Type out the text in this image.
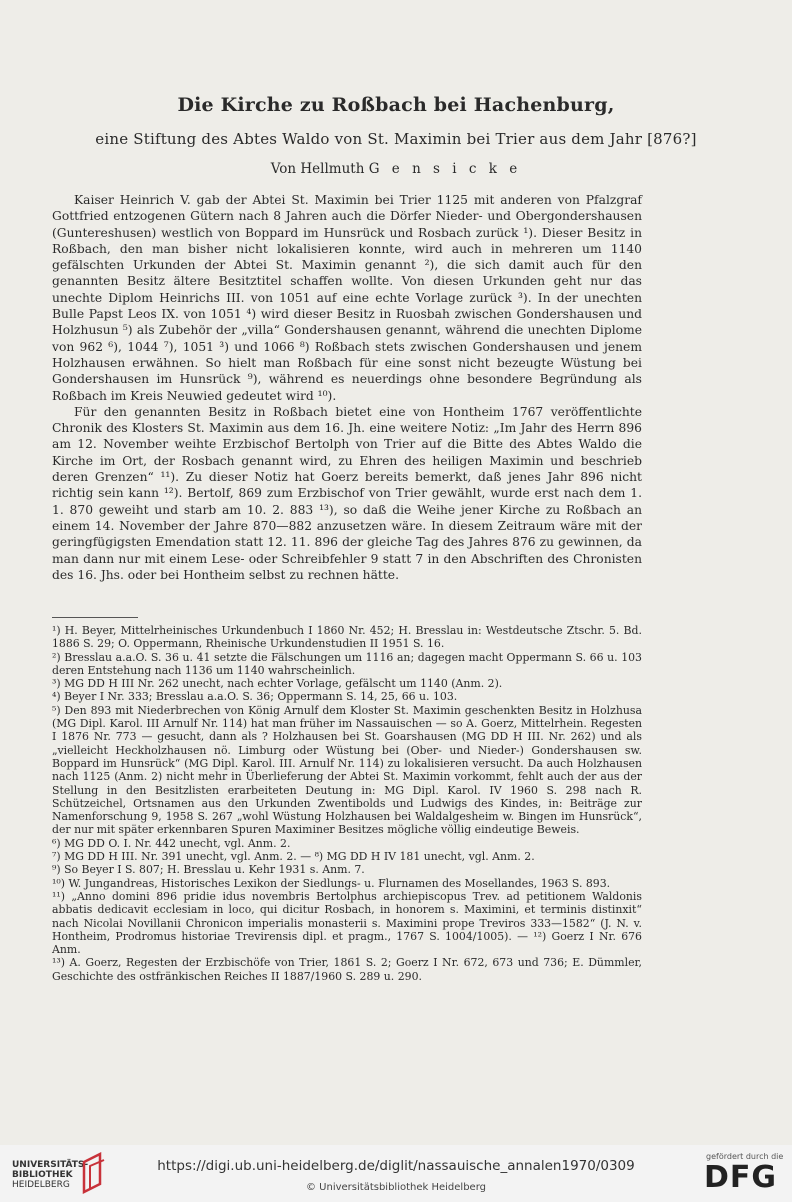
Die Kirche zu Roßbach bei Hachenburg,
eine Stiftung des Abtes Waldo von St. Maximin bei Trier aus dem Jahr [876?]
Von Hellmuth G e n s i c k e

Kaiser Heinrich V. gab der Abtei St. Maximin bei Trier 1125 mit anderen von Pfalzgraf Gottfried entzogenen Gütern nach 8 Jahren auch die Dörfer Nieder- und Obergondershausen (Guntereshusen) westlich von Boppard im Hunsrück und Rosbach zurück ¹). Dieser Besitz in Roßbach, den man bisher nicht lokalisieren konnte, wird auch in mehreren um 1140 gefälschten Urkunden der Abtei St. Maximin genannt ²), die sich damit auch für den genannten Besitz ältere Besitztitel schaffen wollte. Von diesen Urkunden geht nur das unechte Diplom Heinrichs III. von 1051 auf eine echte Vorlage zurück ³). In der unechten Bulle Papst Leos IX. von 1051 ⁴) wird dieser Besitz in Ruosbah zwischen Gondershausen und Holzhusun ⁵) als Zubehör der „villa“ Gondershausen genannt, während die unechten Diplome von 962 ⁶), 1044 ⁷), 1051 ³) und 1066 ⁸) Roßbach stets zwischen Gondershausen und jenem Holzhausen erwähnen. So hielt man Roßbach für eine sonst nicht bezeugte Wüstung bei Gondershausen im Hunsrück ⁹), während es neuerdings ohne besondere Begründung als Roßbach im Kreis Neuwied gedeutet wird ¹⁰).

Für den genannten Besitz in Roßbach bietet eine von Hontheim 1767 veröffentlichte Chronik des Klosters St. Maximin aus dem 16. Jh. eine weitere Notiz: „Im Jahr des Herrn 896 am 12. November weihte Erzbischof Bertolph von Trier auf die Bitte des Abtes Waldo die Kirche im Ort, der Rosbach genannt wird, zu Ehren des heiligen Maximin und beschrieb deren Grenzen“ ¹¹). Zu dieser Notiz hat Goerz bereits bemerkt, daß jenes Jahr 896 nicht richtig sein kann ¹²). Bertolf, 869 zum Erzbischof von Trier gewählt, wurde erst nach dem 1. 1. 870 geweiht und starb am 10. 2. 883 ¹³), so daß die Weihe jener Kirche zu Roßbach an einem 14. November der Jahre 870—882 anzusetzen wäre. In diesem Zeitraum wäre mit der geringfügigsten Emendation statt 12. 11. 896 der gleiche Tag des Jahres 876 zu gewinnen, da man dann nur mit einem Lese- oder Schreibfehler 9 statt 7 in den Abschriften des Chronisten des 16. Jhs. oder bei Hontheim selbst zu rechnen hätte.

¹) H. Beyer, Mittelrheinisches Urkundenbuch I 1860 Nr. 452; H. Bresslau in: Westdeutsche Ztschr. 5. Bd. 1886 S. 29; O. Oppermann, Rheinische Urkundenstudien II 1951 S. 16.

²) Bresslau a.a.O. S. 36 u. 41 setzte die Fälschungen um 1116 an; dagegen macht Oppermann S. 66 u. 103 deren Entstehung nach 1136 um 1140 wahrscheinlich.

³) MG DD H III Nr. 262 unecht, nach echter Vorlage, gefälscht um 1140 (Anm. 2).

⁴) Beyer I Nr. 333; Bresslau a.a.O. S. 36; Oppermann S. 14, 25, 66 u. 103.

⁵) Den 893 mit Niederbrechen von König Arnulf dem Kloster St. Maximin geschenkten Besitz in Holzhusa (MG Dipl. Karol. III Arnulf Nr. 114) hat man früher im Nassauischen — so A. Goerz, Mittelrhein. Regesten I 1876 Nr. 773 — gesucht, dann als ? Holzhausen bei St. Goarshausen (MG DD H III. Nr. 262) und als „vielleicht Heckholzhausen nö. Limburg oder Wüstung bei (Ober- und Nieder-) Gondershausen sw. Boppard im Hunsrück“ (MG Dipl. Karol. III. Arnulf Nr. 114) zu lokalisieren versucht. Da auch Holzhausen nach 1125 (Anm. 2) nicht mehr in Überlieferung der Abtei St. Maximin vorkommt, fehlt auch der aus der Stellung in den Besitzlisten erarbeiteten Deutung in: MG Dipl. Karol. IV 1960 S. 298 nach R. Schützeichel, Ortsnamen aus den Urkunden Zwentibolds und Ludwigs des Kindes, in: Beiträge zur Namenforschung 9, 1958 S. 267 „wohl Wüstung Holzhausen bei Waldalgesheim w. Bingen im Hunsrück“, der nur mit später erkennbaren Spuren Maximiner Besitzes mögliche völlig eindeutige Beweis.

⁶) MG DD O. I. Nr. 442 unecht, vgl. Anm. 2.

⁷) MG DD H III. Nr. 391 unecht, vgl. Anm. 2. — ⁸) MG DD H IV 181 unecht, vgl. Anm. 2.

⁹) So Beyer I S. 807; H. Bresslau u. Kehr 1931 s. Anm. 7.

¹⁰) W. Jungandreas, Historisches Lexikon der Siedlungs- u. Flurnamen des Mosellandes, 1963 S. 893.

¹¹) „Anno domini 896 pridie idus novembris Bertolphus archiepiscopus Trev. ad petitionem Waldonis abbatis dedicavit ecclesiam in loco, qui dicitur Rosbach, in honorem s. Maximini, et terminis distinxit“ nach Nicolai Novillanii Chronicon imperialis monasterii s. Maximini prope Treviros 333—1582“ (J. N. v. Hontheim, Prodromus historiae Trevirensis dipl. et pragm., 1767 S. 1004/1005). — ¹²) Goerz I Nr. 676 Anm.

¹³) A. Goerz, Regesten der Erzbischöfe von Trier, 1861 S. 2; Goerz I Nr. 672, 673 und 736; E. Dümmler, Geschichte des ostfränkischen Reiches II 1887/1960 S. 289 u. 290.

UNIVERSITÄTS-
BIBLIOTHEK
HEIDELBERG
https://digi.ub.uni-heidelberg.de/diglit/nassauische_annalen1970/0309
© Universitätsbibliothek Heidelberg
gefördert durch die
DFG
